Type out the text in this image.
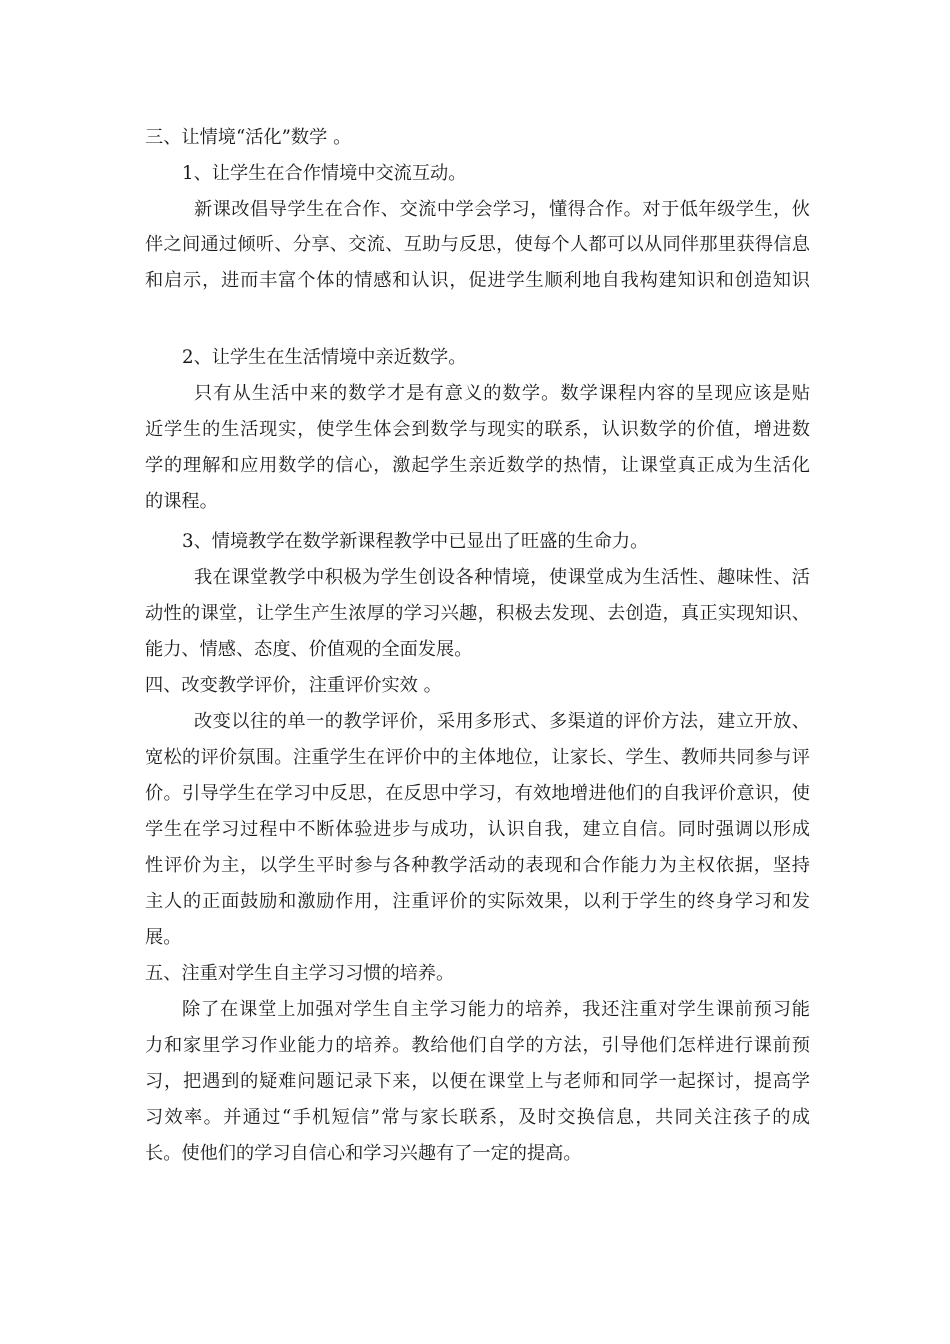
三、让情境“活化”数学 。
1、让学生在合作情境中交流互动。
新课改倡导学生在合作、交流中学会学习，懂得合作。对于低年级学生，伙
伴之间通过倾听、分享、交流、互助与反思，使每个人都可以从同伴那里获得信息
和启示，进而丰富个体的情感和认识，促进学生顺利地自我构建知识和创造知识
2、让学生在生活情境中亲近数学。
只有从生活中来的数学才是有意义的数学。数学课程内容的呈现应该是贴
近学生的生活现实，使学生体会到数学与现实的联系，认识数学的价值，增进数
学的理解和应用数学的信心，激起学生亲近数学的热情，让课堂真正成为生活化
的课程。
3、情境教学在数学新课程教学中已显出了旺盛的生命力。
我在课堂教学中积极为学生创设各种情境，使课堂成为生活性、趣味性、活
动性的课堂，让学生产生浓厚的学习兴趣，积极去发现、去创造，真正实现知识、
能力、情感、态度、价值观的全面发展。
四、改变教学评价，注重评价实效 。
改变以往的单一的教学评价，采用多形式、多渠道的评价方法，建立开放、
宽松的评价氛围。注重学生在评价中的主体地位，让家长、学生、教师共同参与评
价。引导学生在学习中反思，在反思中学习，有效地增进他们的自我评价意识，使
学生在学习过程中不断体验进步与成功，认识自我，建立自信。同时强调以形成
性评价为主，以学生平时参与各种教学活动的表现和合作能力为主权依据，坚持
主人的正面鼓励和激励作用，注重评价的实际效果，以利于学生的终身学习和发
展。
五、注重对学生自主学习习惯的培养。
除了在课堂上加强对学生自主学习能力的培养，我还注重对学生课前预习能
力和家里学习作业能力的培养。教给他们自学的方法，引导他们怎样进行课前预
习，把遇到的疑难问题记录下来，以便在课堂上与老师和同学一起探讨，提高学
习效率。并通过“手机短信”常与家长联系，及时交换信息，共同关注孩子的成
长。使他们的学习自信心和学习兴趣有了一定的提高。
